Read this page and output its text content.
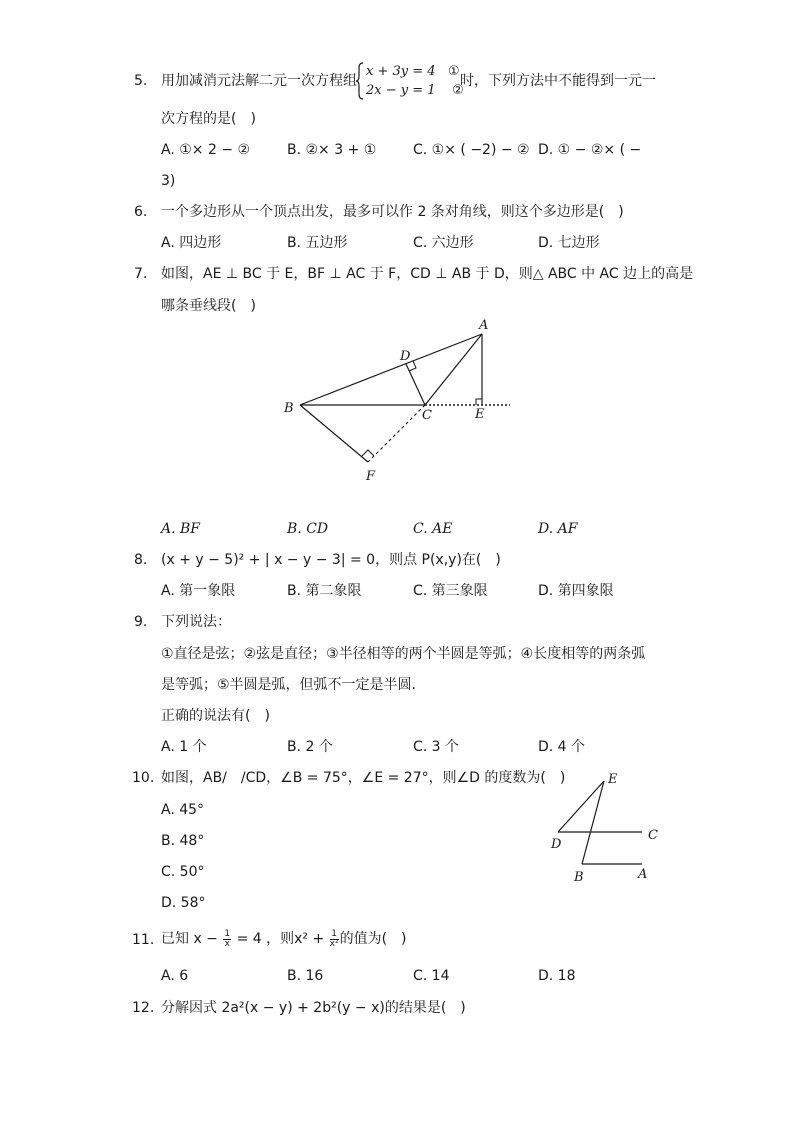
5. 用加减消元法解二元一次方程组
x + 3y = 4 ①
2x − y = 1 ②
时，下列方法中不能得到一元一
次方程的是(　)
A. ①× 2 − ②	B. ②× 3 + ①	C. ①× ( −2) − ② D. ① − ②× ( −
3)
6. 一个多边形从一个顶点出发，最多可以作 2 条对角线，则这个多边形是(　)
A. 四边形	B. 五边形	C. 六边形	D. 七边形
7. 如图，AE ⊥ BC 于 E，BF ⊥ AC 于 F，CD ⊥ AB 于 D，则△ ABC 中 AC 边上的高是
哪条垂线段(　)
A
B	C
D
E
F
A. BF	B. CD	C. AE	D. AF
8. (x + y − 5)² + | x − y − 3| = 0，则点 P(x,y)在(　)
A. 第一象限	B. 第二象限	C. 第三象限	D. 第四象限
9. 下列说法：
①直径是弦；②弦是直径；③半径相等的两个半圆是等弧；④长度相等的两条弧
是等弧；⑤半圆是弧，但弧不一定是半圆.
正确的说法有(　)
A. 1 个	B. 2 个	C. 3 个	D. 4 个
10. 如图，AB/　/CD，∠B = 75°，∠E = 27°，则∠D 的度数为(　)
A. 45°
B. 48°
C. 50°
D. 58°
E
D
C
B	A
11. 已知 $x - \frac{1}{x} = 4$ ，则$x^2 + \frac{1}{\text{x²}}$ 的值为(　)
A. 6	B. 16	C. 14	D. 18
12. 分解因式 2a²(x − y) + 2b²(y − x)的结果是(　)
